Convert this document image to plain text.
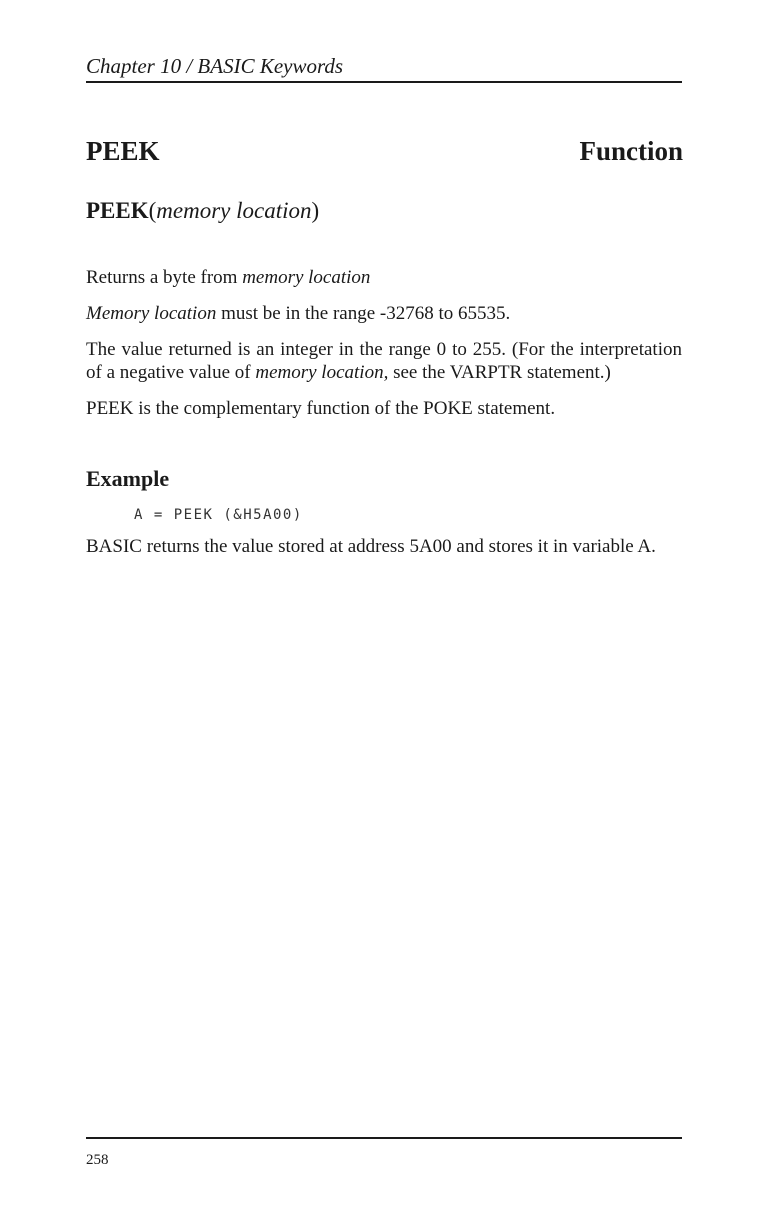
Chapter 10 / BASIC Keywords
PEEK	Function
PEEK(memory location)

Returns a byte from memory location

Memory location must be in the range -32768 to 65535.

The value returned is an integer in the range 0 to 255. (For the interpretation of a negative value of memory location, see the VARPTR statement.)

PEEK is the complementary function of the POKE statement.

Example
A = PEEK (&H5A00)
BASIC returns the value stored at address 5A00 and stores it in variable A.
258
